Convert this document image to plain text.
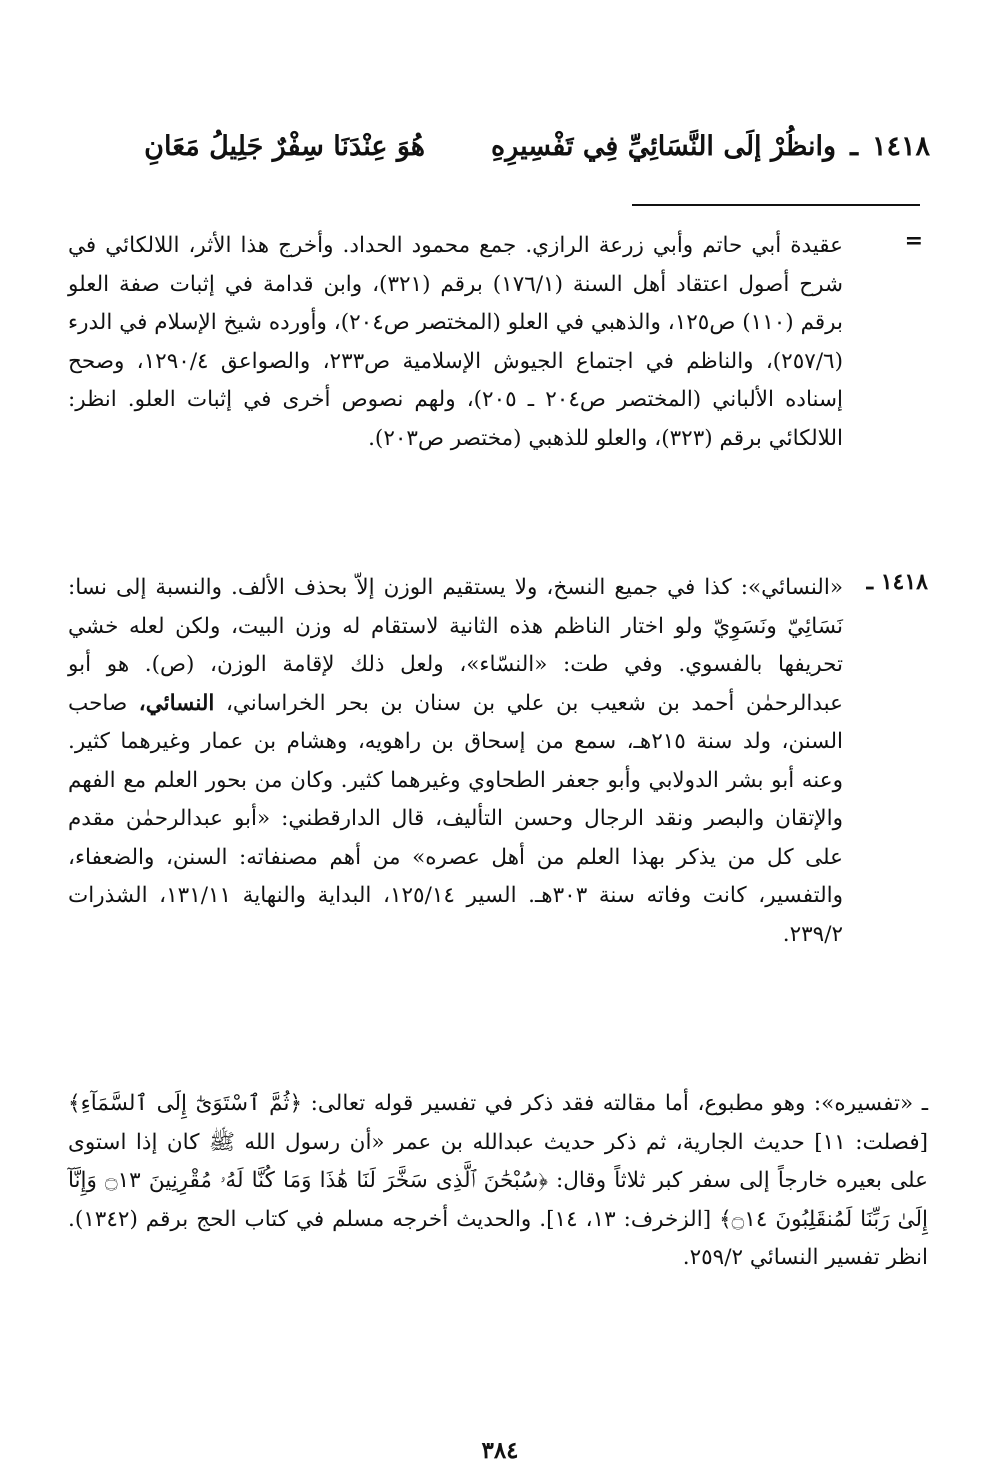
١٤١٨
ـ
وانظُرْ إلَى النَّسَائِيِّ فِي تَفْسِيرِهِ
هُوَ عِنْدَنَا سِفْرٌ جَلِيلُ مَعَانِ
=
عقيدة أبي حاتم وأبي زرعة الرازي. جمع محمود الحداد. وأخرج هذا الأثر، اللالكائي في شرح أصول اعتقاد أهل السنة (١٧٦/١) برقم (٣٢١)، وابن قدامة في إثبات صفة العلو برقم (١١٠) ص١٢٥، والذهبي في العلو (المختصر ص٢٠٤)، وأورده شيخ الإسلام في الدرء (٢٥٧/٦)، والناظم في اجتماع الجيوش الإسلامية ص٢٣٣، والصواعق ١٢٩٠/٤، وصحح إسناده الألباني (المختصر ص٢٠٤ ـ ٢٠٥)، ولهم نصوص أخرى في إثبات العلو. انظر: اللالكائي برقم (٣٢٣)، والعلو للذهبي (مختصر ص٢٠٣).
١٤١٨ ـ
«النسائي»: كذا في جميع النسخ، ولا يستقيم الوزن إلاّ بحذف الألف. والنسبة إلى نسا: نَسَائِيّ ونَسَوِيّ ولو اختار الناظم هذه الثانية لاستقام له وزن البيت، ولكن لعله خشي تحريفها بالفسوي. وفي طت: «النسّاء»، ولعل ذلك لإقامة الوزن، (ص). هو أبو عبدالرحمٰن أحمد بن شعيب بن علي بن سنان بن بحر الخراساني، النسائي، صاحب السنن، ولد سنة ٢١٥هـ، سمع من إسحاق بن راهويه، وهشام بن عمار وغيرهما كثير. وعنه أبو بشر الدولابي وأبو جعفر الطحاوي وغيرهما كثير. وكان من بحور العلم مع الفهم والإتقان والبصر ونقد الرجال وحسن التأليف، قال الدارقطني: «أبو عبدالرحمٰن مقدم على كل من يذكر بهذا العلم من أهل عصره» من أهم مصنفاته: السنن، والضعفاء، والتفسير، كانت وفاته سنة ٣٠٣هـ. السير ١٢٥/١٤، البداية والنهاية ١٣١/١١، الشذرات ٢٣٩/٢.
ـ «تفسيره»: وهو مطبوع، أما مقالته فقد ذكر في تفسير قوله تعالى: ﴿ثُمَّ ٱسْتَوَىٰٓ إِلَى ٱلسَّمَآءِ﴾ [فصلت: ١١] حديث الجارية، ثم ذكر حديث عبدالله بن عمر «أن رسول الله ﷺ كان إذا استوى على بعيره خارجاً إلى سفر كبر ثلاثاً وقال: ﴿سُبْحَٰنَ ٱلَّذِى سَخَّرَ لَنَا هَٰذَا وَمَا كُنَّا لَهُۥ مُقْرِنِينَ ۝١٣ وَإِنَّآ إِلَىٰ رَبِّنَا لَمُنقَلِبُونَ ۝١٤﴾ [الزخرف: ١٣، ١٤]. والحديث أخرجه مسلم في كتاب الحج برقم (١٣٤٢). انظر تفسير النسائي ٢٥٩/٢.
٣٨٤
